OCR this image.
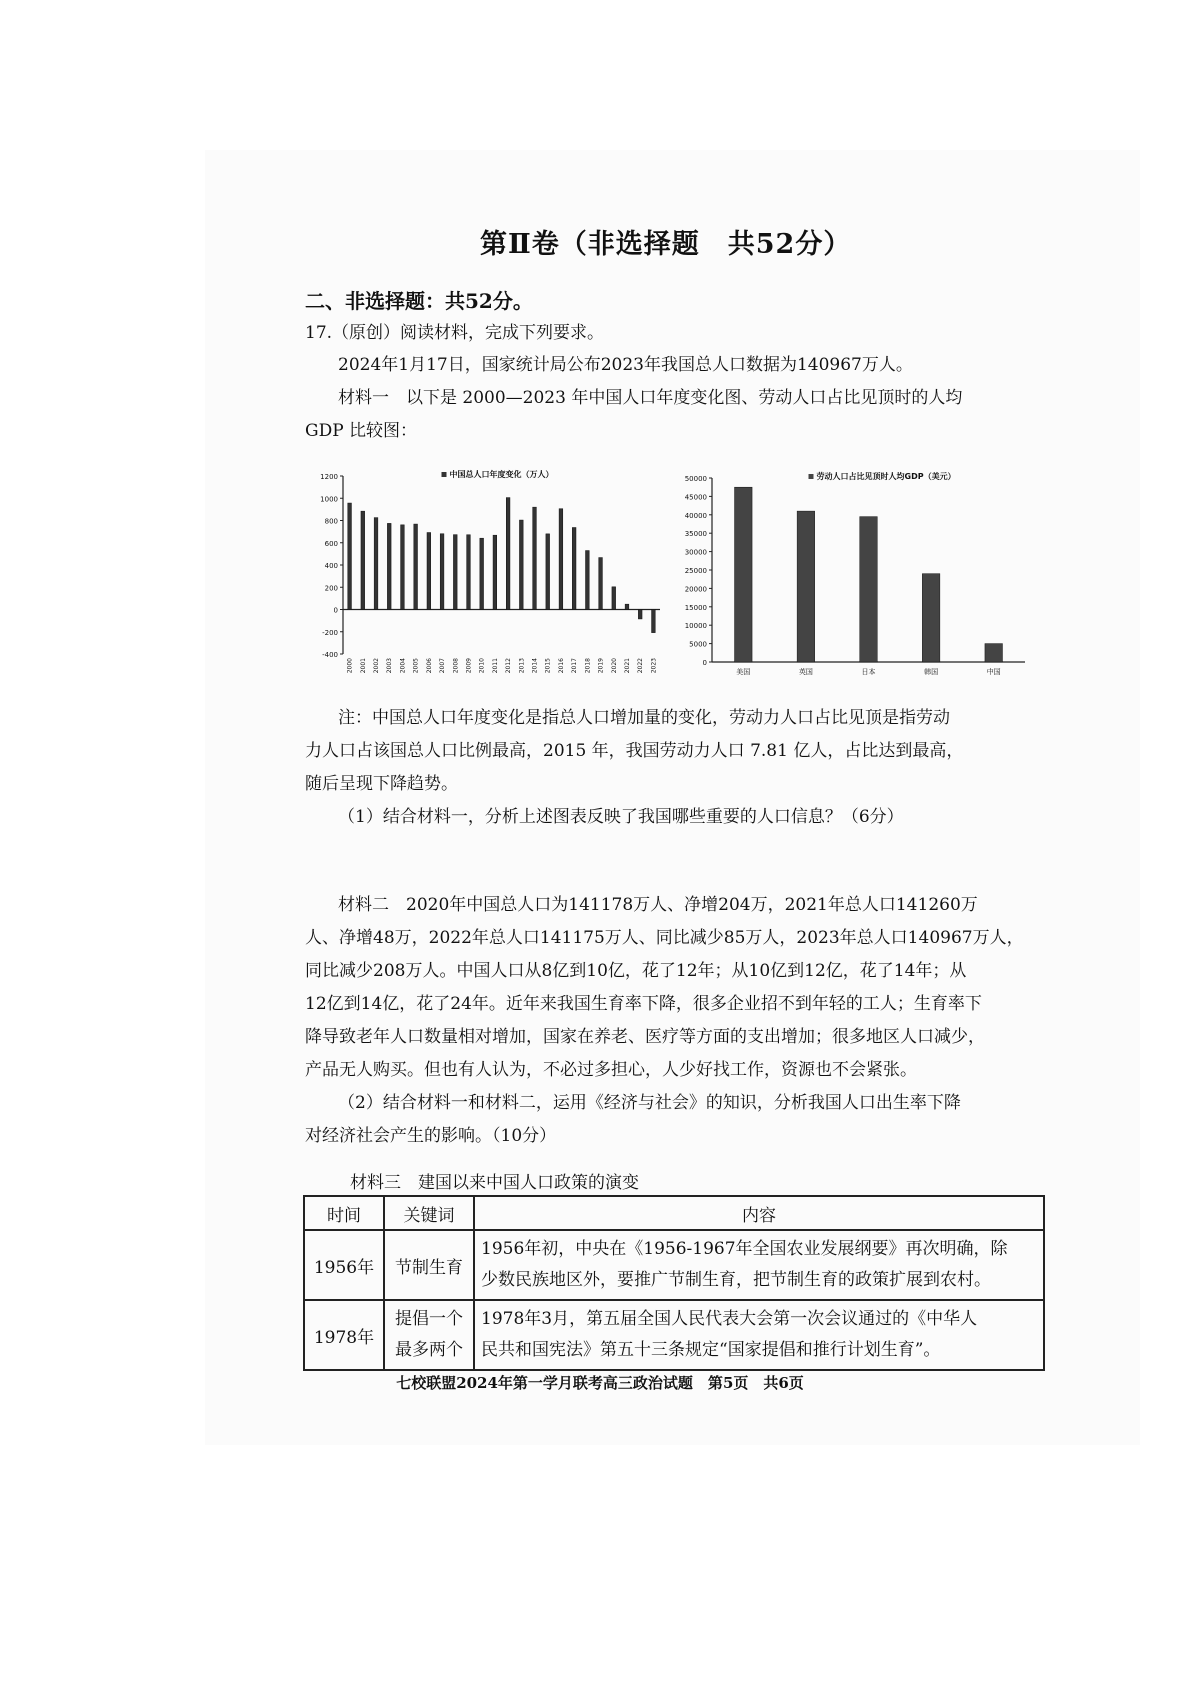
第Ⅱ卷（非选择题　共52分）
二、非选择题：共52分。
17.（原创）阅读材料，完成下列要求。
2024年1月17日，国家统计局公布2023年我国总人口数据为140967万人。
材料一　以下是 2000—2023 年中国人口年度变化图、劳动人口占比见顶时的人均
GDP 比较图：
-400
-200
0
200
400
600
800
1000
1200
2000 2001 2002 2003 2004 2005 2006 2007 2008 2009 2010 2011 2012 2013 2014 2015 2016 2017 2018 2019 2020 2021 2022 2023
中国总人口年度变化（万人）
0
5000
10000
15000
20000
25000
30000
35000
40000
45000
50000
美国	英国	日本	韩国	中国
劳动人口占比见顶时人均GDP（美元）
注：中国总人口年度变化是指总人口增加量的变化，劳动力人口占比见顶是指劳动
力人口占该国总人口比例最高，2015 年，我国劳动力人口 7.81 亿人，占比达到最高，
随后呈现下降趋势。
（1）结合材料一，分析上述图表反映了我国哪些重要的人口信息？（6分）
材料二　2020年中国总人口为141178万人、净增204万，2021年总人口141260万
人、净增48万，2022年总人口141175万人、同比减少85万人，2023年总人口140967万人，
同比减少208万人。中国人口从8亿到10亿，花了12年；从10亿到12亿，花了14年；从
12亿到14亿，花了24年。近年来我国生育率下降，很多企业招不到年轻的工人；生育率下
降导致老年人口数量相对增加，国家在养老、医疗等方面的支出增加；很多地区人口减少，
产品无人购买。但也有人认为，不必过多担心，人少好找工作，资源也不会紧张。
（2）结合材料一和材料二，运用《经济与社会》的知识，分析我国人口出生率下降
对经济社会产生的影响。（10分）
材料三　建国以来中国人口政策的演变
时间	关键词	内容
1956年	节制生育	1956年初，中央在《1956-1967年全国农业发展纲要》再次明确，除
少数民族地区外，要推广节制生育，把节制生育的政策扩展到农村。

1978年	提倡一个最多两个	1978年3月，第五届全国人民代表大会第一次会议通过的《中华人
民共和国宪法》第五十三条规定“国家提倡和推行计划生育”。
七校联盟2024年第一学月联考高三政治试题　第5页　共6页
